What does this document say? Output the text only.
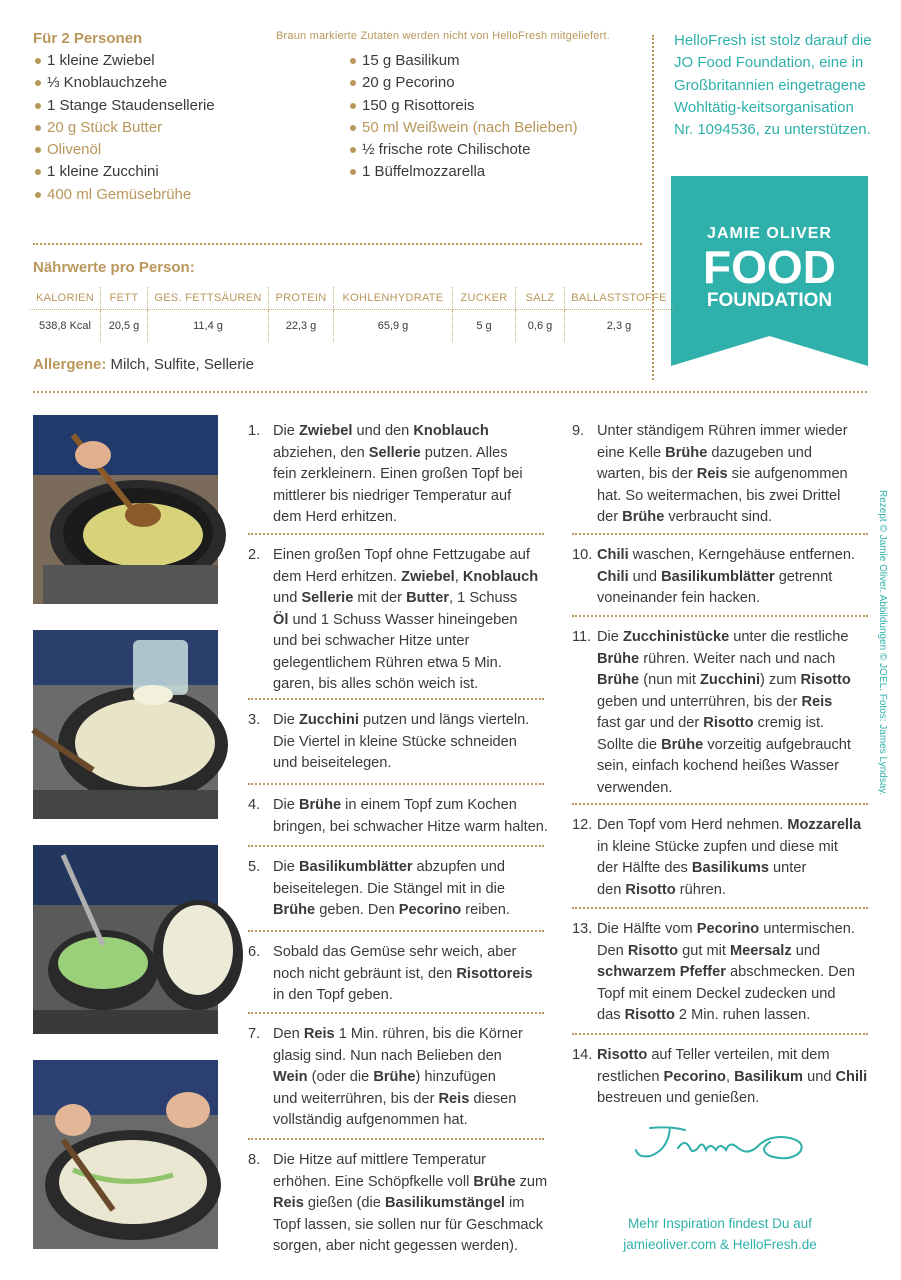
Für 2 Personen	Braun markierte Zutaten werden nicht von HelloFresh mitgeliefert.
1 kleine Zwiebel
⅓ Knoblauchzehe
1 Stange Staudensellerie
20 g Stück Butter
Olivenöl
1 kleine Zucchini
400 ml Gemüsebrühe
15 g Basilikum
20 g Pecorino
150 g Risottoreis
50 ml Weißwein (nach Belieben)
½ frische rote Chilischote
1 Büffelmozzarella
HelloFresh ist stolz darauf die JO Food Foundation, eine in Großbritannien eingetragene Wohltätig-keitsorganisation Nr. 1094536, zu unterstützen.
JAMIE OLIVER
FOOD
FOUNDATION
Nährwerte pro Person:
KALORIEN	FETT	GES. FETTSÄUREN	PROTEIN	KOHLENHYDRATE	ZUCKER	SALZ	BALLASTSTOFFE
538,8 Kcal	20,5 g	11,4 g	22,3 g	65,9 g	5 g	0,6 g	2,3 g
Allergene: Milch, Sulfite, Sellerie
1. Die Zwiebel und den Knoblauch
abziehen, den Sellerie putzen. Alles
fein zerkleinern. Einen großen Topf bei
mittlerer bis niedriger Temperatur auf
dem Herd erhitzen.
2. Einen großen Topf ohne Fettzugabe auf
dem Herd erhitzen. Zwiebel, Knoblauch
und Sellerie mit der Butter, 1 Schuss
Öl und 1 Schuss Wasser hineingeben
und bei schwacher Hitze unter
gelegentlichem Rühren etwa 5 Min.
garen, bis alles schön weich ist.
3. Die Zucchini putzen und längs vierteln.
Die Viertel in kleine Stücke schneiden
und beiseitelegen.
4. Die Brühe in einem Topf zum Kochen
bringen, bei schwacher Hitze warm halten.
5. Die Basilikumblätter abzupfen und
beiseitelegen. Die Stängel mit in die
Brühe geben. Den Pecorino reiben.
6. Sobald das Gemüse sehr weich, aber
noch nicht gebräunt ist, den Risottoreis
in den Topf geben.
7. Den Reis 1 Min. rühren, bis die Körner
glasig sind. Nun nach Belieben den
Wein (oder die Brühe) hinzufügen
und weiterrühren, bis der Reis diesen
vollständig aufgenommen hat.
8. Die Hitze auf mittlere Temperatur
erhöhen. Eine Schöpfkelle voll Brühe zum
Reis gießen (die Basilikumstängel im
Topf lassen, sie sollen nur für Geschmack
sorgen, aber nicht gegessen werden).
9. Unter ständigem Rühren immer wieder
eine Kelle Brühe dazugeben und
warten, bis der Reis sie aufgenommen
hat. So weitermachen, bis zwei Drittel
der Brühe verbraucht sind.
10. Chili waschen, Kerngehäuse entfernen.
Chili und Basilikumblätter getrennt
voneinander fein hacken.
11. Die Zucchinistücke unter die restliche
Brühe rühren. Weiter nach und nach
Brühe (nun mit Zucchini) zum Risotto
geben und unterrühren, bis der Reis
fast gar und der Risotto cremig ist.
Sollte die Brühe vorzeitig aufgebraucht
sein, einfach kochend heißes Wasser
verwenden.
12. Den Topf vom Herd nehmen. Mozzarella
in kleine Stücke zupfen und diese mit
der Hälfte des Basilikums unter
den Risotto rühren.
13. Die Hälfte vom Pecorino untermischen.
Den Risotto gut mit Meersalz und
schwarzem Pfeffer abschmecken. Den
Topf mit einem Deckel zudecken und
das Risotto 2 Min. ruhen lassen.
14. Risotto auf Teller verteilen, mit dem
restlichen Pecorino, Basilikum und Chili
bestreuen und genießen.
Rezept © Jamie Oliver. Abbildungen © JOEL. Fotos: James Lyndsay.
Mehr Inspiration findest Du auf
jamieoliver.com & HelloFresh.de
